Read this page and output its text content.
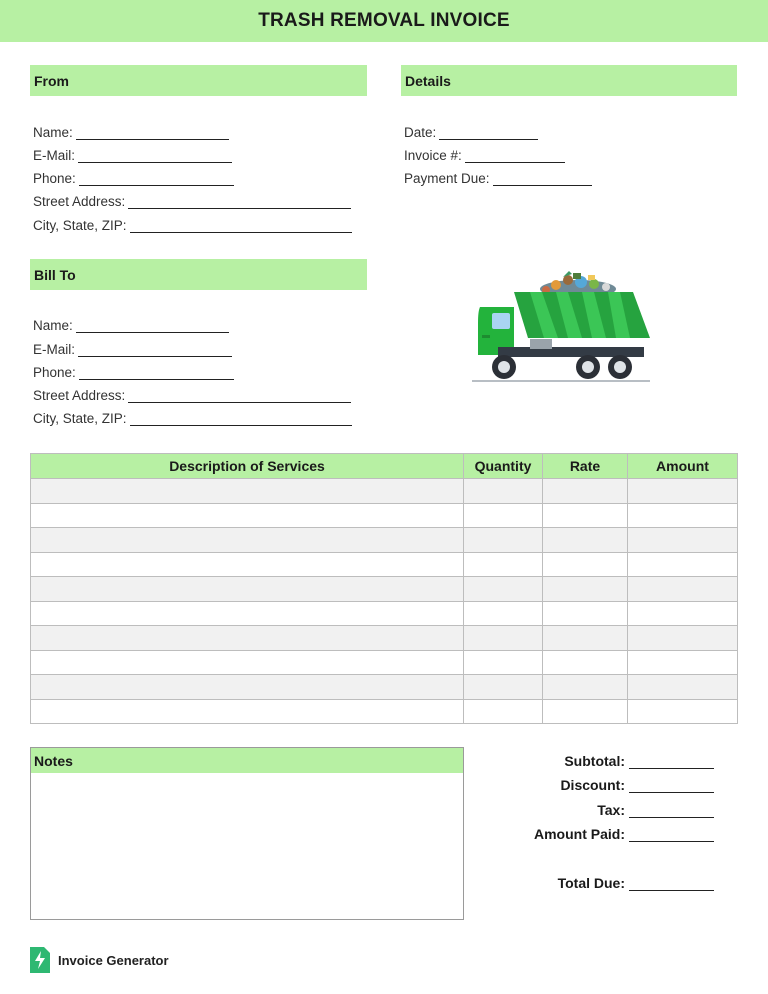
TRASH REMOVAL INVOICE
From
Name:
E-Mail:
Phone:
Street Address:
City, State, ZIP:
Details
Date:
Invoice #:
Payment Due:
Bill To
Name:
E-Mail:
Phone:
Street Address:
City, State, ZIP:
Description of Services	Quantity	Rate	Amount
Notes	Subtotal:
Discount:
Tax:
Amount Paid:
Total Due:
Invoice Generator
